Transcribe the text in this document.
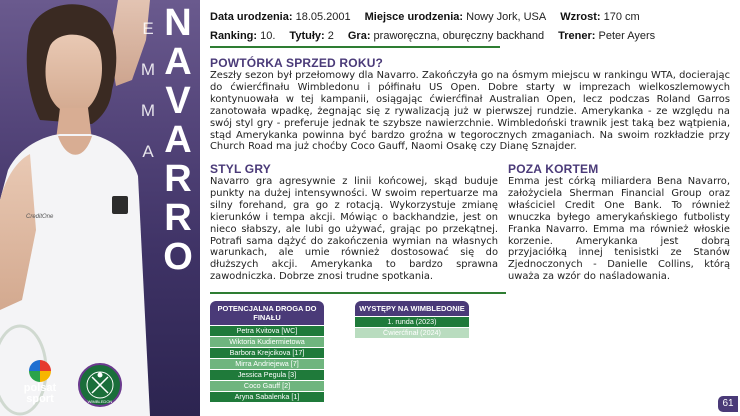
CreditOne
E
M
M
A
N
A
V
A
R
R
O
polsat
sport	WIMBLEDON
Data urodzenia: 18.05.2001 Miejsce urodzenia: Nowy Jork, USA Wzrost: 170 cm
Ranking: 10. Tytuły: 2 Gra: praworęczna, oburęczny backhand Trener: Peter Ayers
POWTÓRKA SPRZED ROKU?
Zeszły sezon był przełomowy dla Navarro. Zakończyła go na ósmym miejscu w rankingu WTA, docierając do ćwierćfinału Wimbledonu i półfinału US Open. Dobre starty w imprezach wielkoszlemowych kontynuowała w tej kampanii, osiągając ćwierćfinał Australian Open, lecz podczas Roland Garros zanotowała wpadkę, żegnając się z rywalizacją już w pierwszej rundzie. Amerykanka - ze względu na swój styl gry - preferuje jednak te szybsze nawierzchnie. Wimbledoński trawnik jest taką bez wątpienia, stąd Amerykanka powinna być bardzo groźna w tegorocznych zmaganiach. Na swoim rozkładzie przy Church Road ma już choćby Coco Gauff, Naomi Osakę czy Dianę Sznajder.
STYL GRY
Navarro gra agresywnie z linii końcowej, skąd buduje punkty na dużej intensywności. W swoim repertuarze ma silny forehand, gra go z rotacją. Wykorzystuje zmianę kierunków i tempa akcji. Mówiąc o backhandzie, jest on nieco słabszy, ale lubi go używać, grając po przekątnej. Potrafi sama dążyć do zakończenia wymian na własnych warunkach, ale umie również dostosować się do dłuższych akcji. Amerykanka to bardzo sprawna zawodniczka. Dobrze znosi trudne spotkania.
POZA KORTEM
Emma jest córką miliardera Bena Navarro, założyciela Sherman Financial Group oraz właściciel Credit One Bank. To również wnuczka byłego amerykańskiego futbolisty Franka Navarro. Emma ma również włoskie korzenie. Amerykanka jest dobrą przyjaciółką innej tenisistki ze Stanów Zjednoczonych - Danielle Collins, którą uważa za wzór do naśladowania.
POTENCJALNA DROGA DO FINAŁU
Petra Kvitova [WC]
Wiktoria Kudiermietowa
Barbora Krejcikova [17]
Mirra Andriejewa [7]
Jessica Pegula [3]
Coco Gauff [2]
Aryna Sabalenka [1]
WYSTĘPY NA WIMBLEDONIE
1. runda (2023)
Ćwierćfinał (2024)
61
